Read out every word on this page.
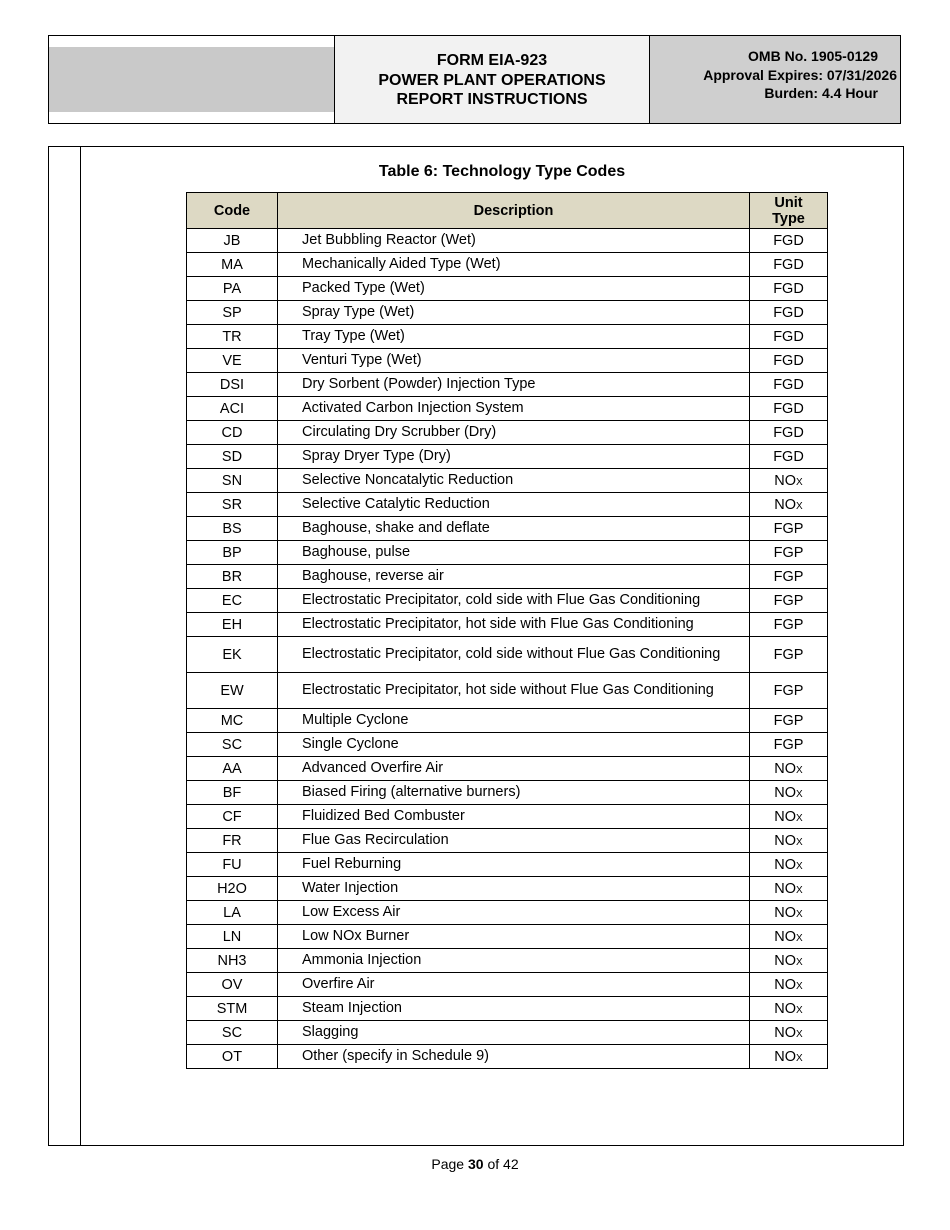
FORM EIA-923
POWER PLANT OPERATIONS
REPORT INSTRUCTIONS
OMB No. 1905-0129
Approval Expires: 07/31/2026
Burden: 4.4 Hour
Table 6: Technology Type Codes
Code	Description	Unit
Type
JB	Jet Bubbling Reactor (Wet)	FGD
MA	Mechanically Aided Type (Wet)	FGD
PA	Packed Type (Wet)	FGD
SP	Spray Type (Wet)	FGD
TR	Tray Type (Wet)	FGD
VE	Venturi Type (Wet)	FGD
DSI	Dry Sorbent (Powder) Injection Type	FGD
ACI	Activated Carbon Injection System	FGD
CD	Circulating Dry Scrubber (Dry)	FGD
SD	Spray Dryer Type (Dry)	FGD
SN	Selective Noncatalytic Reduction	NOX
SR	Selective Catalytic Reduction	NOX
BS	Baghouse, shake and deflate	FGP
BP	Baghouse, pulse	FGP
BR	Baghouse, reverse air	FGP
EC	Electrostatic Precipitator, cold side with Flue Gas Conditioning	FGP
EH	Electrostatic Precipitator, hot side with Flue Gas Conditioning	FGP
EK	Electrostatic Precipitator, cold side without Flue Gas Conditioning	FGP
EW	Electrostatic Precipitator, hot side without Flue Gas Conditioning	FGP
MC	Multiple Cyclone	FGP
SC	Single Cyclone	FGP
AA	Advanced Overfire Air	NOX
BF	Biased Firing (alternative burners)	NOX
CF	Fluidized Bed Combuster	NOX
FR	Flue Gas Recirculation	NOX
FU	Fuel Reburning	NOX
H2O	Water Injection	NOX
LA	Low Excess Air	NOX
LN	Low NOx Burner	NOX
NH3	Ammonia Injection	NOX
OV	Overfire Air	NOX
STM	Steam Injection	NOX
SC	Slagging	NOX
OT	Other (specify in Schedule 9)	NOX
Page 30 of 42
